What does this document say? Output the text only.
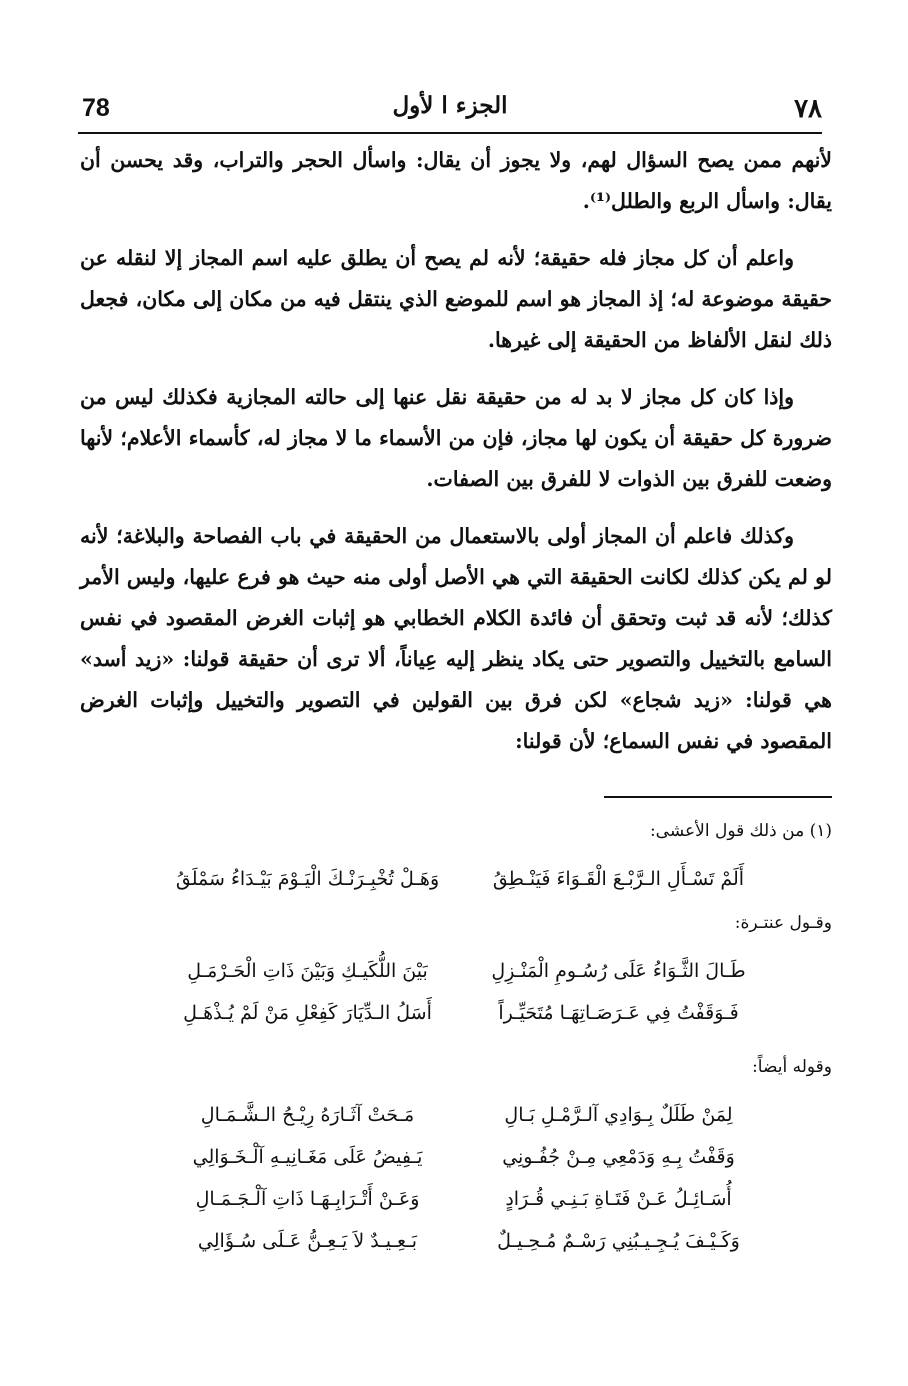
٧٨
الجزء ا لأول
78

لأنهم ممن يصح السؤال لهم، ولا يجوز أن يقال: واسأل الحجر والتراب، وقد يحسن أن يقال: واسأل الربع والطلل⁽¹⁾.

واعلم أن كل مجاز فله حقيقة؛ لأنه لم يصح أن يطلق عليه اسم المجاز إلا لنقله عن حقيقة موضوعة له؛ إذ المجاز هو اسم للموضع الذي ينتقل فيه من مكان إلى مكان، فجعل ذلك لنقل الألفاظ من الحقيقة إلى غيرها.

وإذا كان كل مجاز لا بد له من حقيقة نقل عنها إلى حالته المجازية فكذلك ليس من ضرورة كل حقيقة أن يكون لها مجاز، فإن من الأسماء ما لا مجاز له، كأسماء الأعلام؛ لأنها وضعت للفرق بين الذوات لا للفرق بين الصفات.

وكذلك فاعلم أن المجاز أولى بالاستعمال من الحقيقة في باب الفصاحة والبلاغة؛ لأنه لو لم يكن كذلك لكانت الحقيقة التي هي الأصل أولى منه حيث هو فرع عليها، وليس الأمر كذلك؛ لأنه قد ثبت وتحقق أن فائدة الكلام الخطابي هو إثبات الغرض المقصود في نفس السامع بالتخييل والتصوير حتى يكاد ينظر إليه عِياناً، ألا ترى أن حقيقة قولنا: «زيد أسد» هي قولنا: «زيد شجاع» لكن فرق بين القولين في التصوير والتخييل وإثبات الغرض المقصود في نفس السماع؛ لأن قولنا:

(١) من ذلك قول الأعشى:

أَلَمْ تَسْـأَلِ الـرَّبْـعَ الْقَـوَاءَ فَيَنْـطِقُ
وَهَـلْ تُخْبِـرَنْـكَ الْيَـوْمَ بَيْـدَاءُ سَمْلَقُ

وقـول عنتـرة:

طَـالَ الثَّـوَاءُ عَلَى رُسُـومِ الْمَنْـزِلِ
بَيْنَ اللُّكَيـكِ وَبَيْنَ ذَاتِ الْحَـرْمَـلِ
فَـوَقَفْتُ فِي عَـرَصَـاتِهَـا مُتَحَيِّـراً
أَسَلُ الـدِّيَارَ كَفِعْلِ مَنْ لَمْ يُـذْهَـلِ

وقوله أيضاً:

لِمَنْ طَلَلٌ بِـوَادِي آلـرَّمْـلِ بَـالِ
مَـحَتْ آثَـارَهُ رِيْـحُ الـشَّـمَـالِ
وَقَفْتُ بِـهِ وَدَمْعِي مِـنْ جُفُـونِي
يَـفِيضُ عَلَى مَغَـانِيـهِ آلْـخَـوَالِي
أُسَـائِـلُ عَـنْ فَتَـاةِ بَـنِـي قُـرَادٍ
وَعَـنْ أَتْـرَابِـهَـا ذَاتِ آلْـجَـمَـالِ
وَكَـيْـفَ يُـجِـيـبُنِي رَسْـمٌ مُـحِـيـلٌ
بَـعِـيـدٌ لاَ يَـعِـنُّ عَـلَى سُـؤَالِي
